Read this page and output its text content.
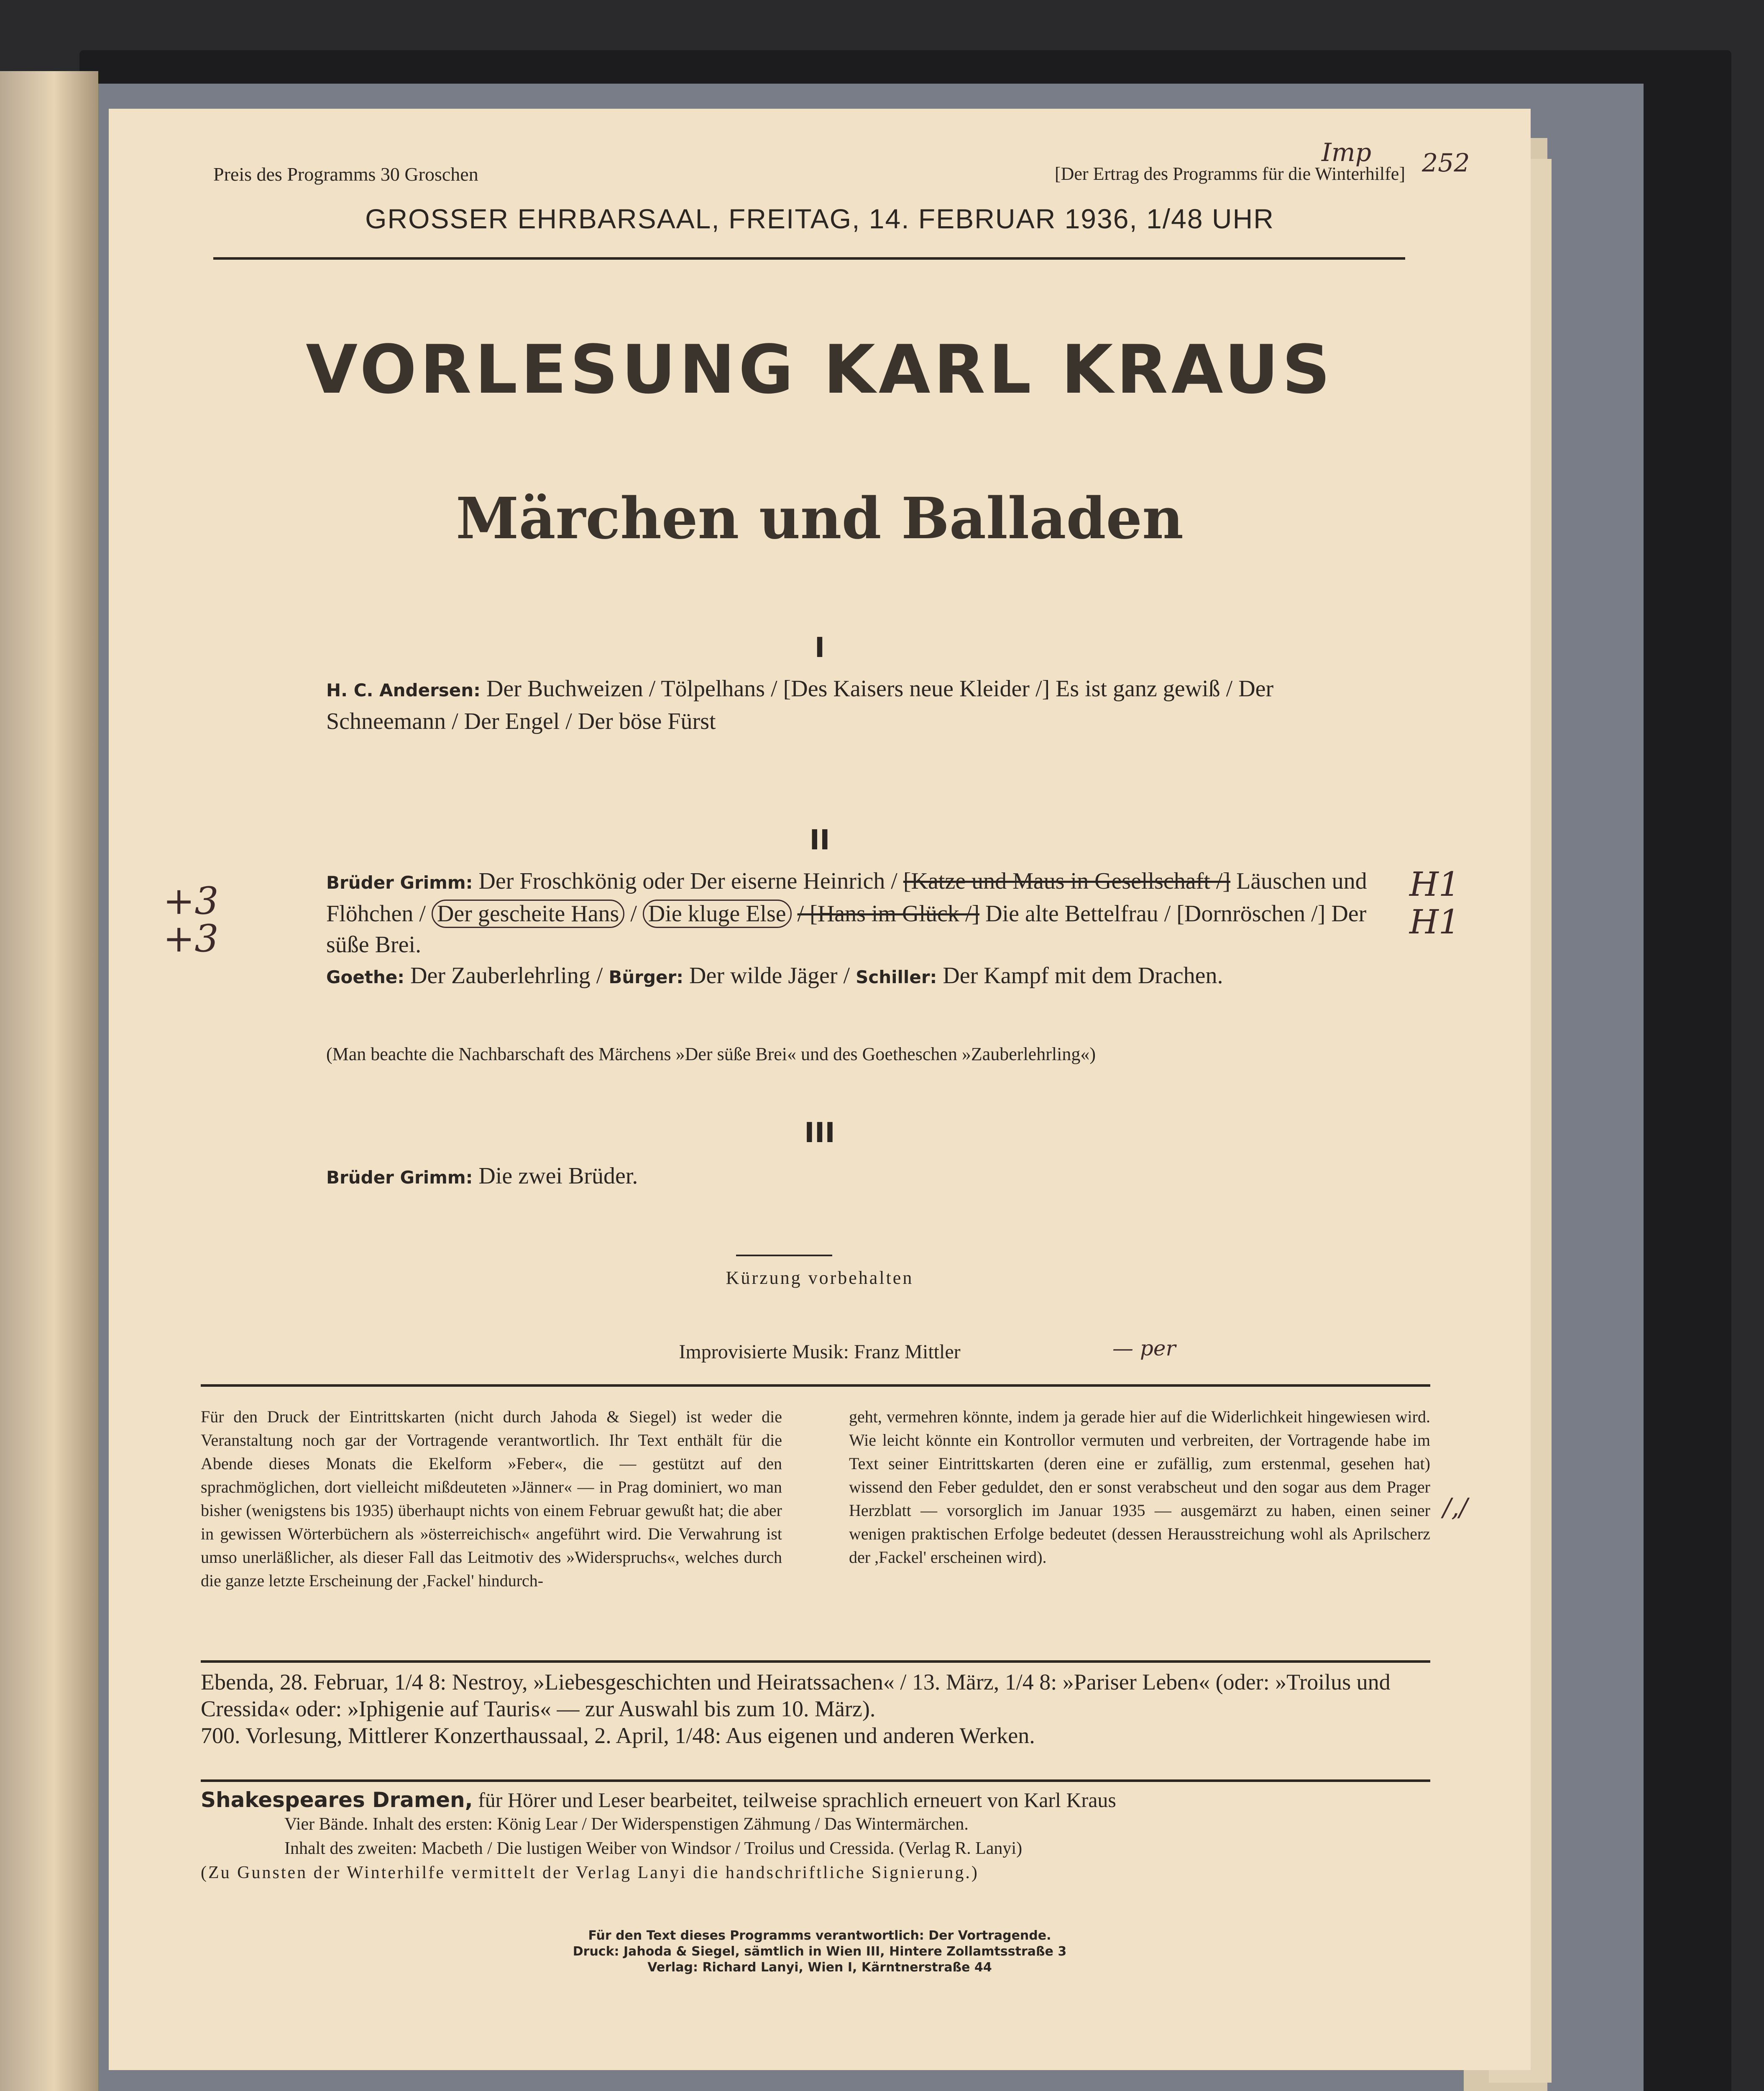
Preis des Programms 30 Groschen	[Der Ertrag des Programms für die Winterhilfe]
Imp 252
GROSSER EHRBARSAAL, FREITAG, 14. FEBRUAR 1936, 1/48 UHR
VORLESUNG KARL KRAUS
Märchen und Balladen
I
H. C. Andersen: Der Buchweizen / Tölpelhans / [Des Kaisers neue Kleider /] Es ist ganz gewiß / Der Schneemann / Der Engel / Der böse Fürst
II
Brüder Grimm: Der Froschkönig oder Der eiserne Heinrich / [Katze und Maus in Gesellschaft /] Läuschen und Flöhchen / Der gescheite Hans / Die kluge Else / [Hans im Glück /] Die alte Bettelfrau / [Dornröschen /] Der süße Brei.
Goethe: Der Zauberlehrling / Bürger: Der wilde Jäger / Schiller: Der Kampf mit dem Drachen.
(Man beachte die Nachbarschaft des Märchens »Der süße Brei« und des Goetheschen »Zauberlehrling«)
+3 +3
H1 H1
III
Brüder Grimm: Die zwei Brüder.
Kürzung vorbehalten
Improvisierte Musik: Franz Mittler	— per
Für den Druck der Eintrittskarten (nicht durch Jahoda & Siegel) ist weder die Veranstaltung noch gar der Vortragende verantwortlich. Ihr Text enthält für die Abende dieses Monats die Ekelform »Feber«, die — gestützt auf den sprachmöglichen, dort vielleicht mißdeuteten »Jänner« — in Prag dominiert, wo man bisher (wenigstens bis 1935) überhaupt nichts von einem Februar gewußt hat; die aber in gewissen Wörterbüchern als »österreichisch« angeführt wird. Die Verwahrung ist umso unerläßlicher, als dieser Fall das Leitmotiv des »Widerspruchs«, welches durch die ganze letzte Erscheinung der ,Fackel' hindurch-
geht, vermehren könnte, indem ja gerade hier auf die Widerlichkeit hingewiesen wird. Wie leicht könnte ein Kontrollor vermuten und verbreiten, der Vortragende habe im Text seiner Eintrittskarten (deren eine er zufällig, zum erstenmal, gesehen hat) wissend den Feber geduldet, den er sonst verabscheut und den sogar aus dem Prager Herzblatt — vorsorglich im Januar 1935 — ausgemärzt zu haben, einen seiner wenigen praktischen Erfolge bedeutet (dessen Herausstreichung wohl als Aprilscherz der ,Fackel' erscheinen wird).
/,/
Ebenda, 28. Februar, 1/4 8: Nestroy, »Liebesgeschichten und Heiratssachen« / 13. März, 1/4 8: »Pariser Leben« (oder: »Troilus und Cressida« oder: »Iphigenie auf Tauris« — zur Auswahl bis zum 10. März).
700. Vorlesung, Mittlerer Konzerthaussaal, 2. April, 1/48: Aus eigenen und anderen Werken.
Shakespeares Dramen, für Hörer und Leser bearbeitet, teilweise sprachlich erneuert von Karl Kraus
Vier Bände. Inhalt des ersten: König Lear / Der Widerspenstigen Zähmung / Das Wintermärchen.
Inhalt des zweiten: Macbeth / Die lustigen Weiber von Windsor / Troilus und Cressida. (Verlag R. Lanyi)
(Zu Gunsten der Winterhilfe vermittelt der Verlag Lanyi die handschriftliche Signierung.)
Für den Text dieses Programms verantwortlich: Der Vortragende.
Druck: Jahoda & Siegel, sämtlich in Wien III, Hintere Zollamtsstraße 3
Verlag: Richard Lanyi, Wien I, Kärntnerstraße 44
